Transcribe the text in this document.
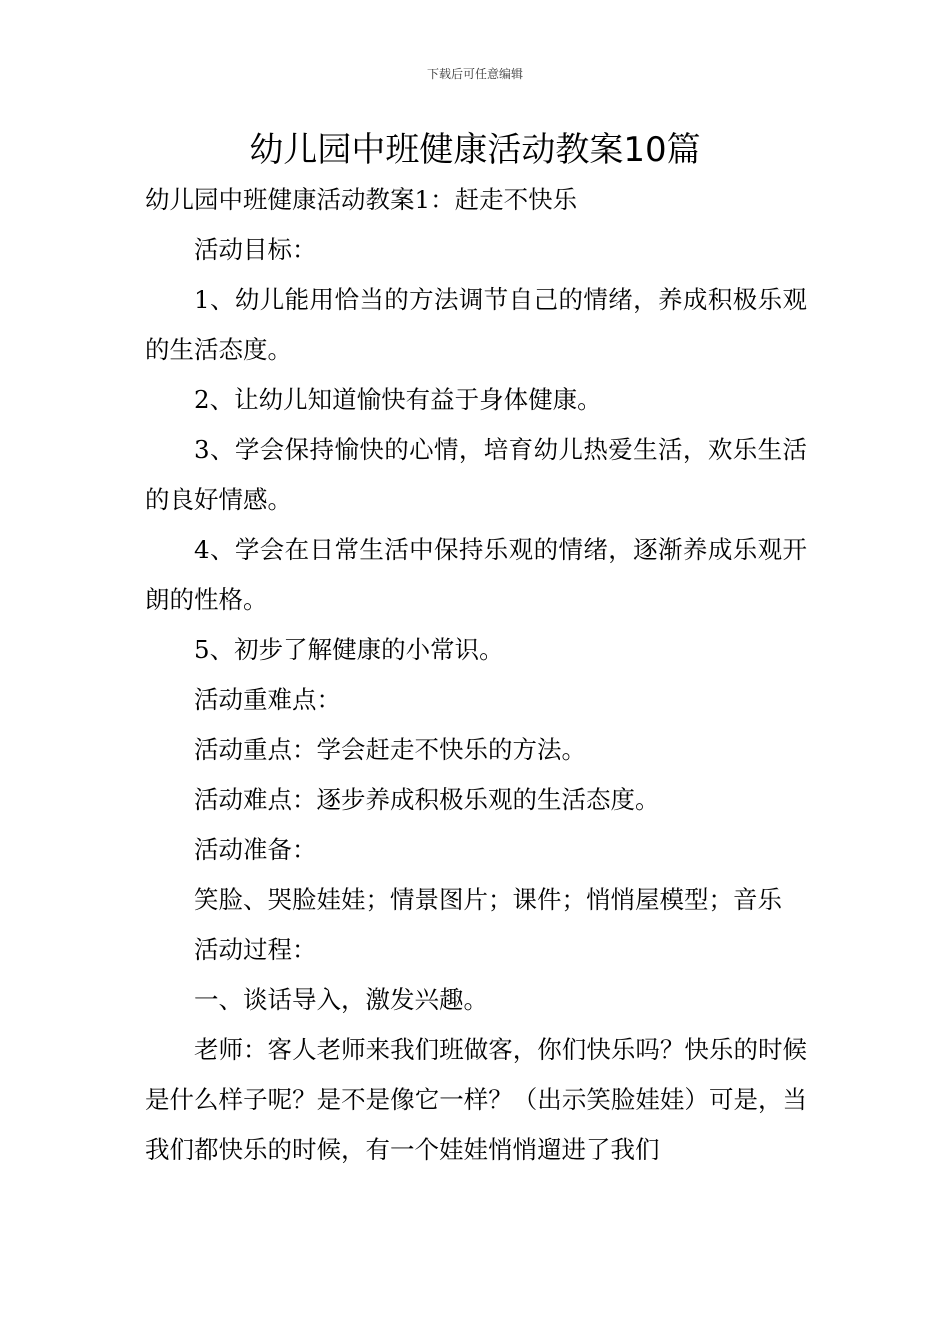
下载后可任意编辑
幼儿园中班健康活动教案10篇

幼儿园中班健康活动教案1：赶走不快乐

活动目标：

1、幼儿能用恰当的方法调节自己的情绪，养成积极乐观的生活态度。

2、让幼儿知道愉快有益于身体健康。

3、学会保持愉快的心情，培育幼儿热爱生活，欢乐生活的良好情感。

4、学会在日常生活中保持乐观的情绪，逐渐养成乐观开朗的性格。

5、初步了解健康的小常识。

活动重难点：

活动重点：学会赶走不快乐的方法。

活动难点：逐步养成积极乐观的生活态度。

活动准备：

笑脸、哭脸娃娃；情景图片；课件；悄悄屋模型；音乐

活动过程：

一、谈话导入，激发兴趣。

老师：客人老师来我们班做客，你们快乐吗？快乐的时候是什么样子呢？是不是像它一样？（出示笑脸娃娃）可是，当我们都快乐的时候，有一个娃娃悄悄遛进了我们
